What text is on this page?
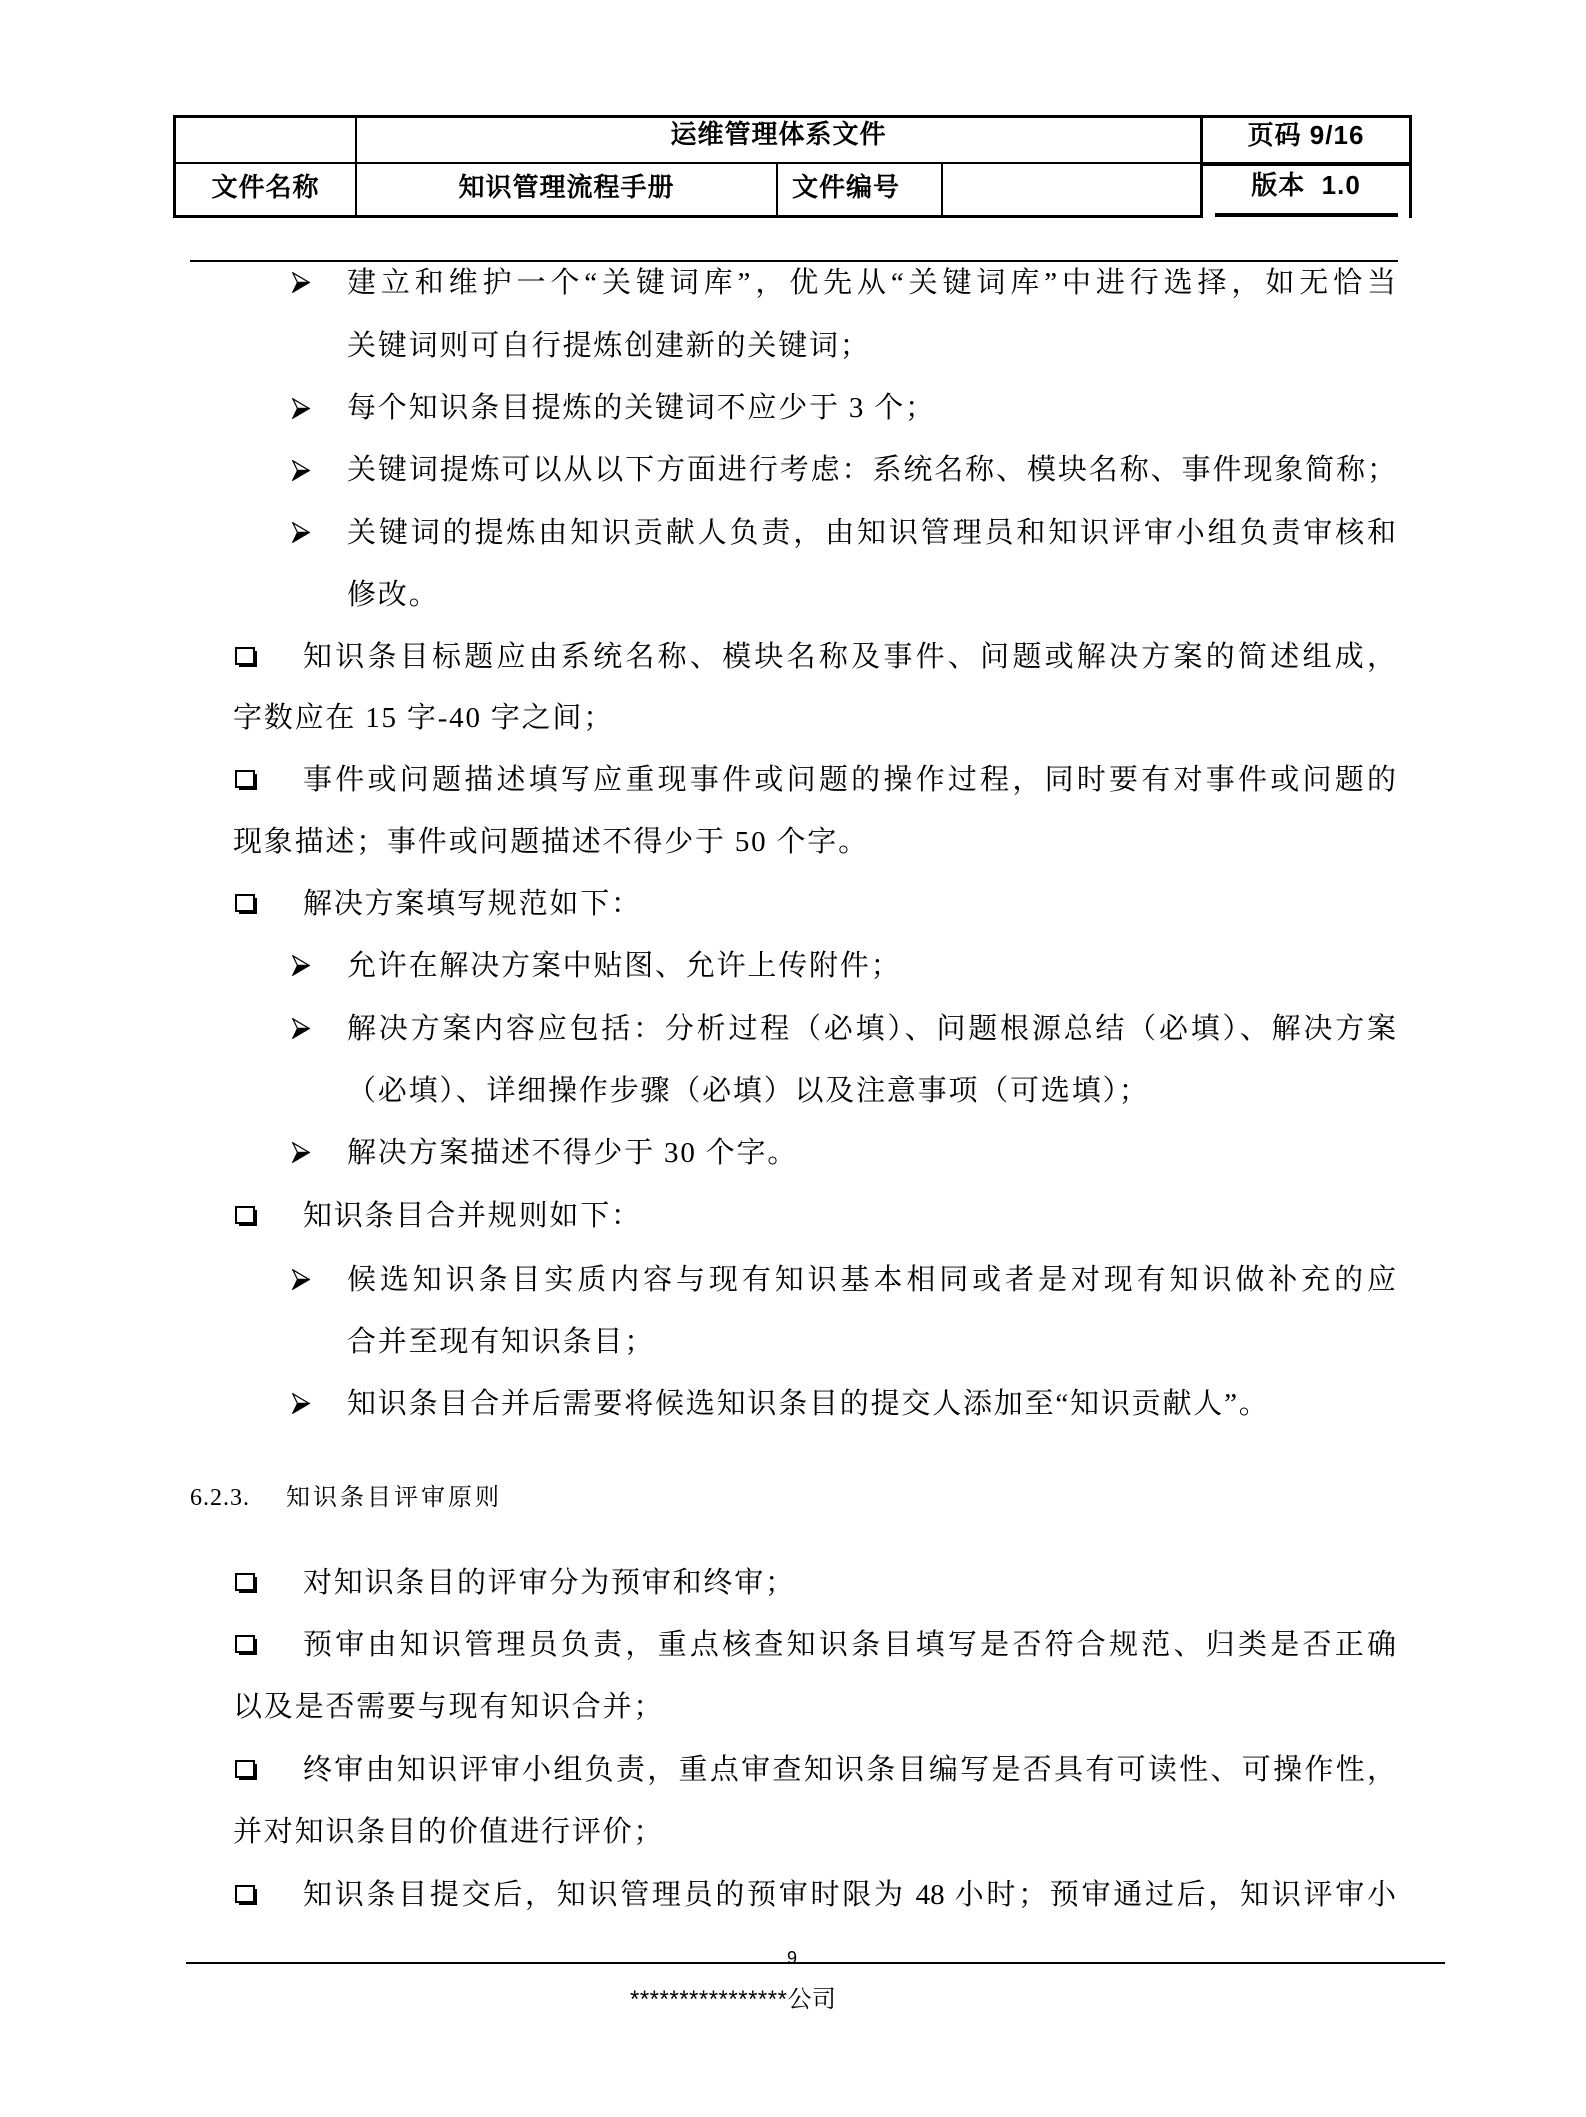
运维管理体系文件	页码 9/16
文件名称	知识管理流程手册	文件编号	版本  1.0
建立和维护一个“关键词库”，优先从“关键词库”中进行选择，如无恰当
关键词则可自行提炼创建新的关键词；
每个知识条目提炼的关键词不应少于 3 个；
关键词提炼可以从以下方面进行考虑：系统名称、模块名称、事件现象简称；
关键词的提炼由知识贡献人负责，由知识管理员和知识评审小组负责审核和
修改。
知识条目标题应由系统名称、模块名称及事件、问题或解决方案的简述组成，
字数应在 15 字-40 字之间；
事件或问题描述填写应重现事件或问题的操作过程，同时要有对事件或问题的
现象描述；事件或问题描述不得少于 50 个字。
解决方案填写规范如下：
允许在解决方案中贴图、允许上传附件；
解决方案内容应包括：分析过程（必填）、问题根源总结（必填）、解决方案
（必填）、详细操作步骤（必填）以及注意事项（可选填）；
解决方案描述不得少于 30 个字。
知识条目合并规则如下：
候选知识条目实质内容与现有知识基本相同或者是对现有知识做补充的应
合并至现有知识条目；
知识条目合并后需要将候选知识条目的提交人添加至“知识贡献人”。
6.2.3. 知识条目评审原则
对知识条目的评审分为预审和终审；
预审由知识管理员负责，重点核查知识条目填写是否符合规范、归类是否正确
以及是否需要与现有知识合并；
终审由知识评审小组负责，重点审查知识条目编写是否具有可读性、可操作性，
并对知识条目的价值进行评价；
知识条目提交后，知识管理员的预审时限为 48 小时；预审通过后，知识评审小
9
****************公司
